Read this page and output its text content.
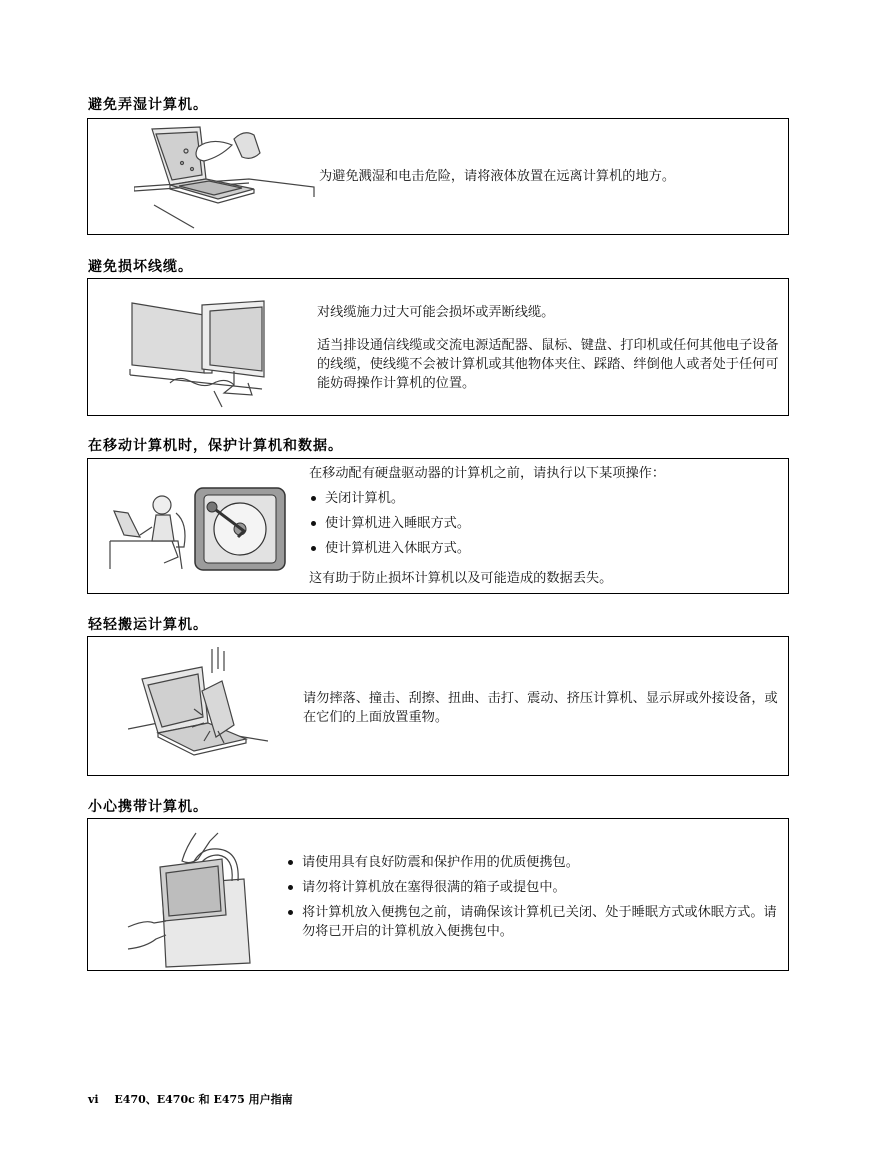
避免弄湿计算机。
为避免溅湿和电击危险，请将液体放置在远离计算机的地方。
避免损坏线缆。

对线缆施力过大可能会损坏或弄断线缆。

适当排设通信线缆或交流电源适配器、鼠标、键盘、打印机或任何其他电子设备的线缆，使线缆不会被计算机或其他物体夹住、踩踏、绊倒他人或者处于任何可能妨碍操作计算机的位置。

在移动计算机时，保护计算机和数据。

在移动配有硬盘驱动器的计算机之前，请执行以下某项操作：

关闭计算机。
使计算机进入睡眠方式。
使计算机进入休眠方式。

这有助于防止损坏计算机以及可能造成的数据丢失。

轻轻搬运计算机。
请勿摔落、撞击、刮擦、扭曲、击打、震动、挤压计算机、显示屏或外接设备，或在它们的上面放置重物。
小心携带计算机。
请使用具有良好防震和保护作用的优质便携包。
请勿将计算机放在塞得很满的箱子或提包中。
将计算机放入便携包之前，请确保该计算机已关闭、处于睡眠方式或休眠方式。请勿将已开启的计算机放入便携包中。
vi E470、E470c 和 E475 用户指南
